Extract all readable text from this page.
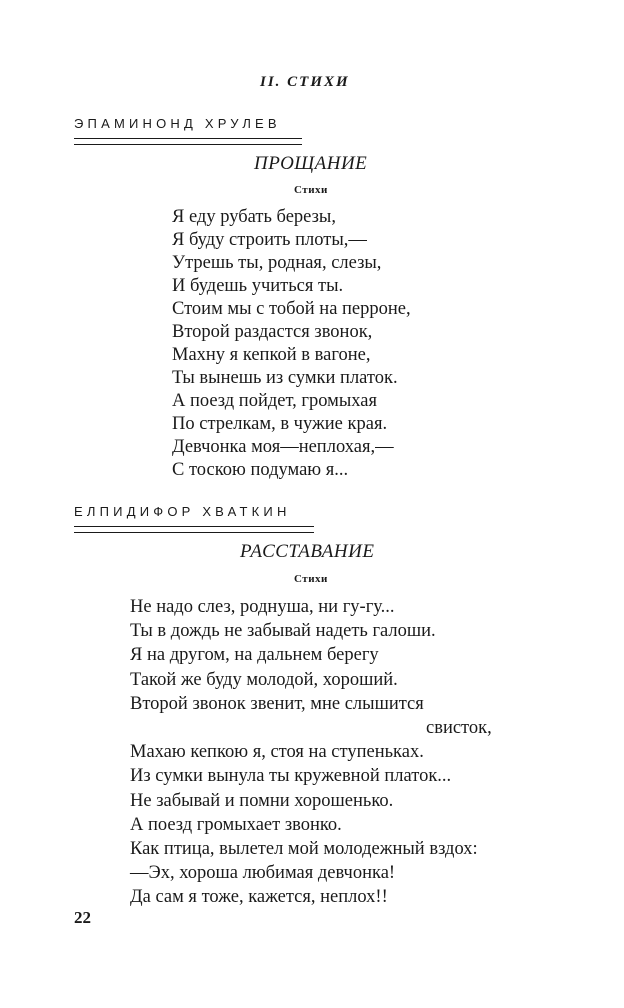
II. СТИХИ
ЭПАМИНОНД ХРУЛЕВ
ПРОЩАНИЕ
Стихи
Я еду рубать березы,
Я буду строить плоты,—
Утрешь ты, родная, слезы,
И будешь учиться ты.
Стоим мы с тобой на перроне,
Второй раздастся звонок,
Махну я кепкой в вагоне,
Ты вынешь из сумки платок.
А поезд пойдет, громыхая
По стрелкам, в чужие края.
Девчонка моя—неплохая,—
С тоскою подумаю я...
ЕЛПИДИФОР ХВАТКИН
РАССТАВАНИЕ
Стихи
Не надо слез, роднуша, ни гу-гу...
Ты в дождь не забывай надеть галоши.
Я на другом, на дальнем берегу
Такой же буду молодой, хороший.
Второй звонок звенит, мне слышится
свисток,
Махаю кепкою я, стоя на ступеньках.
Из сумки вынула ты кружевной платок...
Не забывай и помни хорошенько.
А поезд громыхает звонко.
Как птица, вылетел мой молодежный вздох:
—Эх, хороша любимая девчонка!
Да сам я тоже, кажется, неплох!!
22
